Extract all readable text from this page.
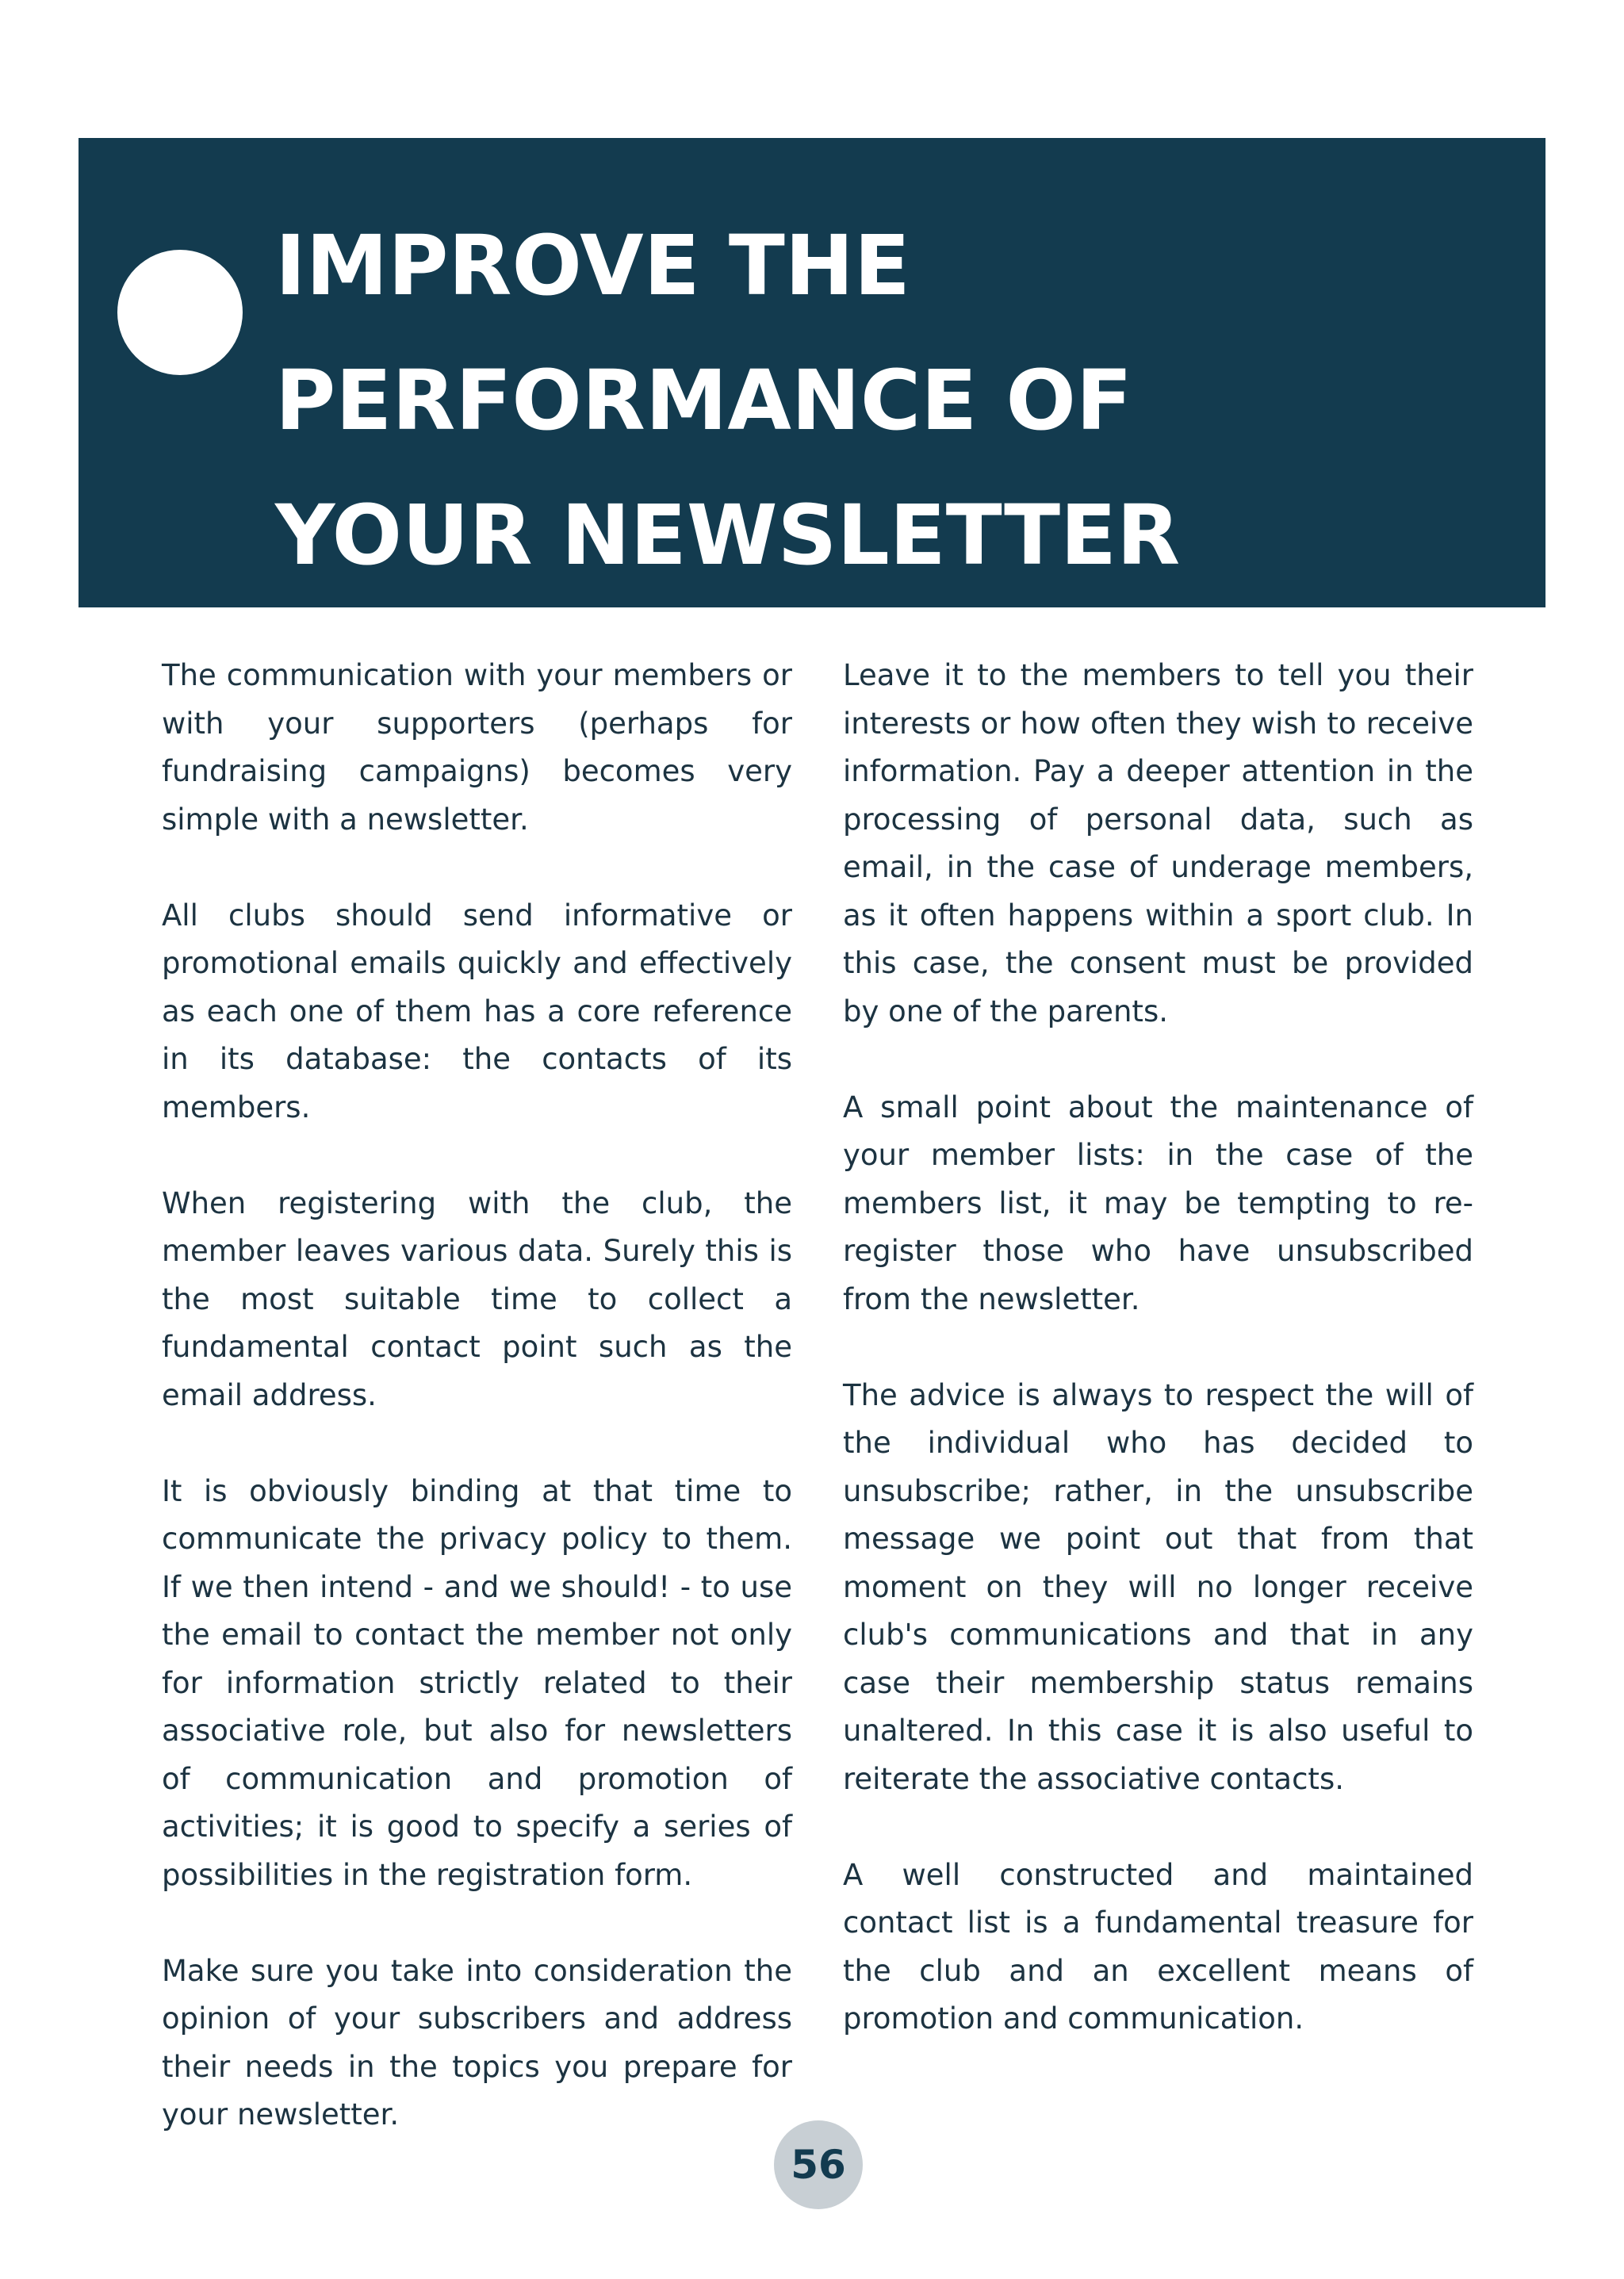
IMPROVE THE
PERFORMANCE OF
YOUR NEWSLETTER

The communication with your members or with your supporters (perhaps for fundraising campaigns) becomes very simple with a newsletter.

All clubs should send informative or promotional emails quickly and effectively as each one of them has a core reference in its database: the contacts of its members.

When registering with the club, the member leaves various data. Surely this is the most suitable time to collect a fundamental contact point such as the email address.

It is obviously binding at that time to communicate the privacy policy to them. If we then intend - and we should! - to use the email to contact the member not only for information strictly related to their associative role, but also for newsletters of communication and promotion of activities; it is good to specify a series of possibilities in the registration form.

Make sure you take into consideration the opinion of your subscribers and address their needs in the topics you prepare for your newsletter.

Leave it to the members to tell you their interests or how often they wish to receive information. Pay a deeper attention in the processing of personal data, such as email, in the case of underage members, as it often happens within a sport club. In this case, the consent must be provided by one of the parents.

A small point about the maintenance of your member lists: in the case of the members list, it may be tempting to re-register those who have unsubscribed from the newsletter.

The advice is always to respect the will of the individual who has decided to unsubscribe; rather, in the unsubscribe message we point out that from that moment on they will no longer receive club's communications and that in any case their membership status remains unaltered. In this case it is also useful to reiterate the associative contacts.

A well constructed and maintained contact list is a fundamental treasure for the club and an excellent means of promotion and communication.

56
